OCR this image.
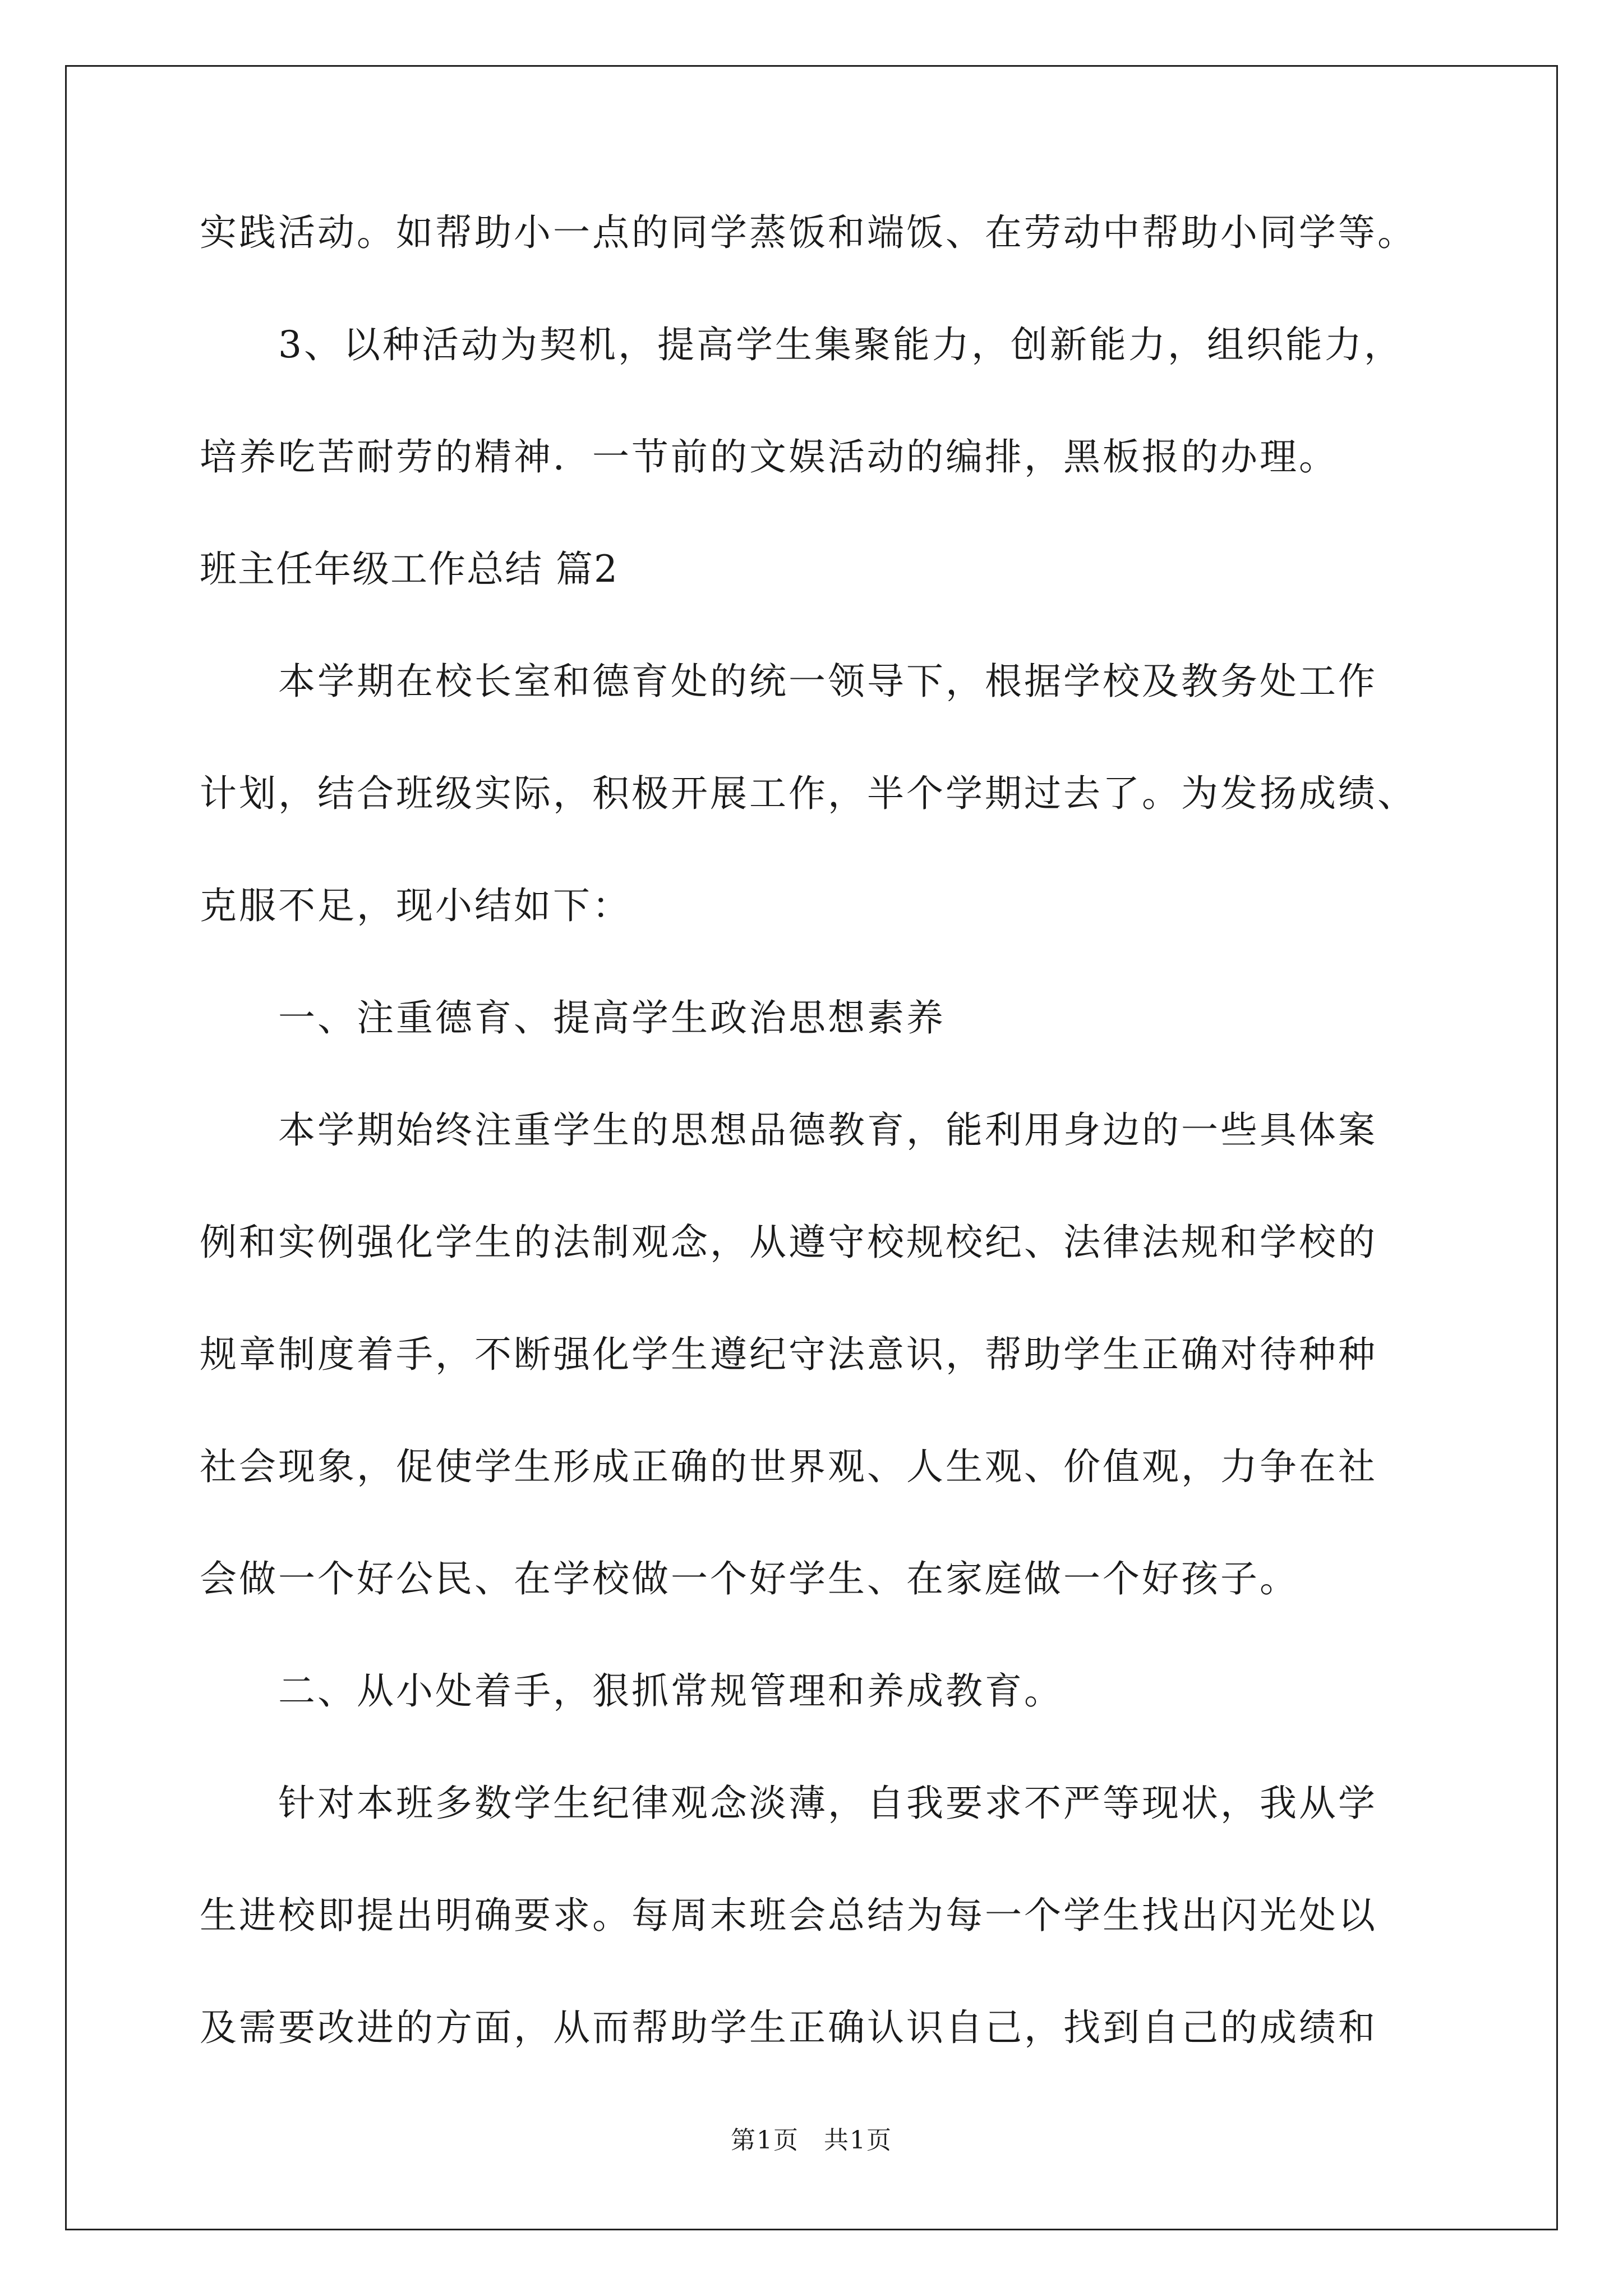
实践活动。如帮助小一点的同学蒸饭和端饭、在劳动中帮助小同学等。

3、以种活动为契机，提高学生集聚能力，创新能力，组织能力，

培养吃苦耐劳的精神．一节前的文娱活动的编排，黑板报的办理。

班主任年级工作总结 篇2

本学期在校长室和德育处的统一领导下，根据学校及教务处工作

计划，结合班级实际，积极开展工作，半个学期过去了。为发扬成绩、

克服不足，现小结如下：

一、注重德育、提高学生政治思想素养

本学期始终注重学生的思想品德教育，能利用身边的一些具体案

例和实例强化学生的法制观念，从遵守校规校纪、法律法规和学校的

规章制度着手，不断强化学生遵纪守法意识，帮助学生正确对待种种

社会现象，促使学生形成正确的世界观、人生观、价值观，力争在社

会做一个好公民、在学校做一个好学生、在家庭做一个好孩子。

二、从小处着手，狠抓常规管理和养成教育。

针对本班多数学生纪律观念淡薄，自我要求不严等现状，我从学

生进校即提出明确要求。每周末班会总结为每一个学生找出闪光处以

及需要改进的方面，从而帮助学生正确认识自己，找到自己的成绩和

第1页 共1页
